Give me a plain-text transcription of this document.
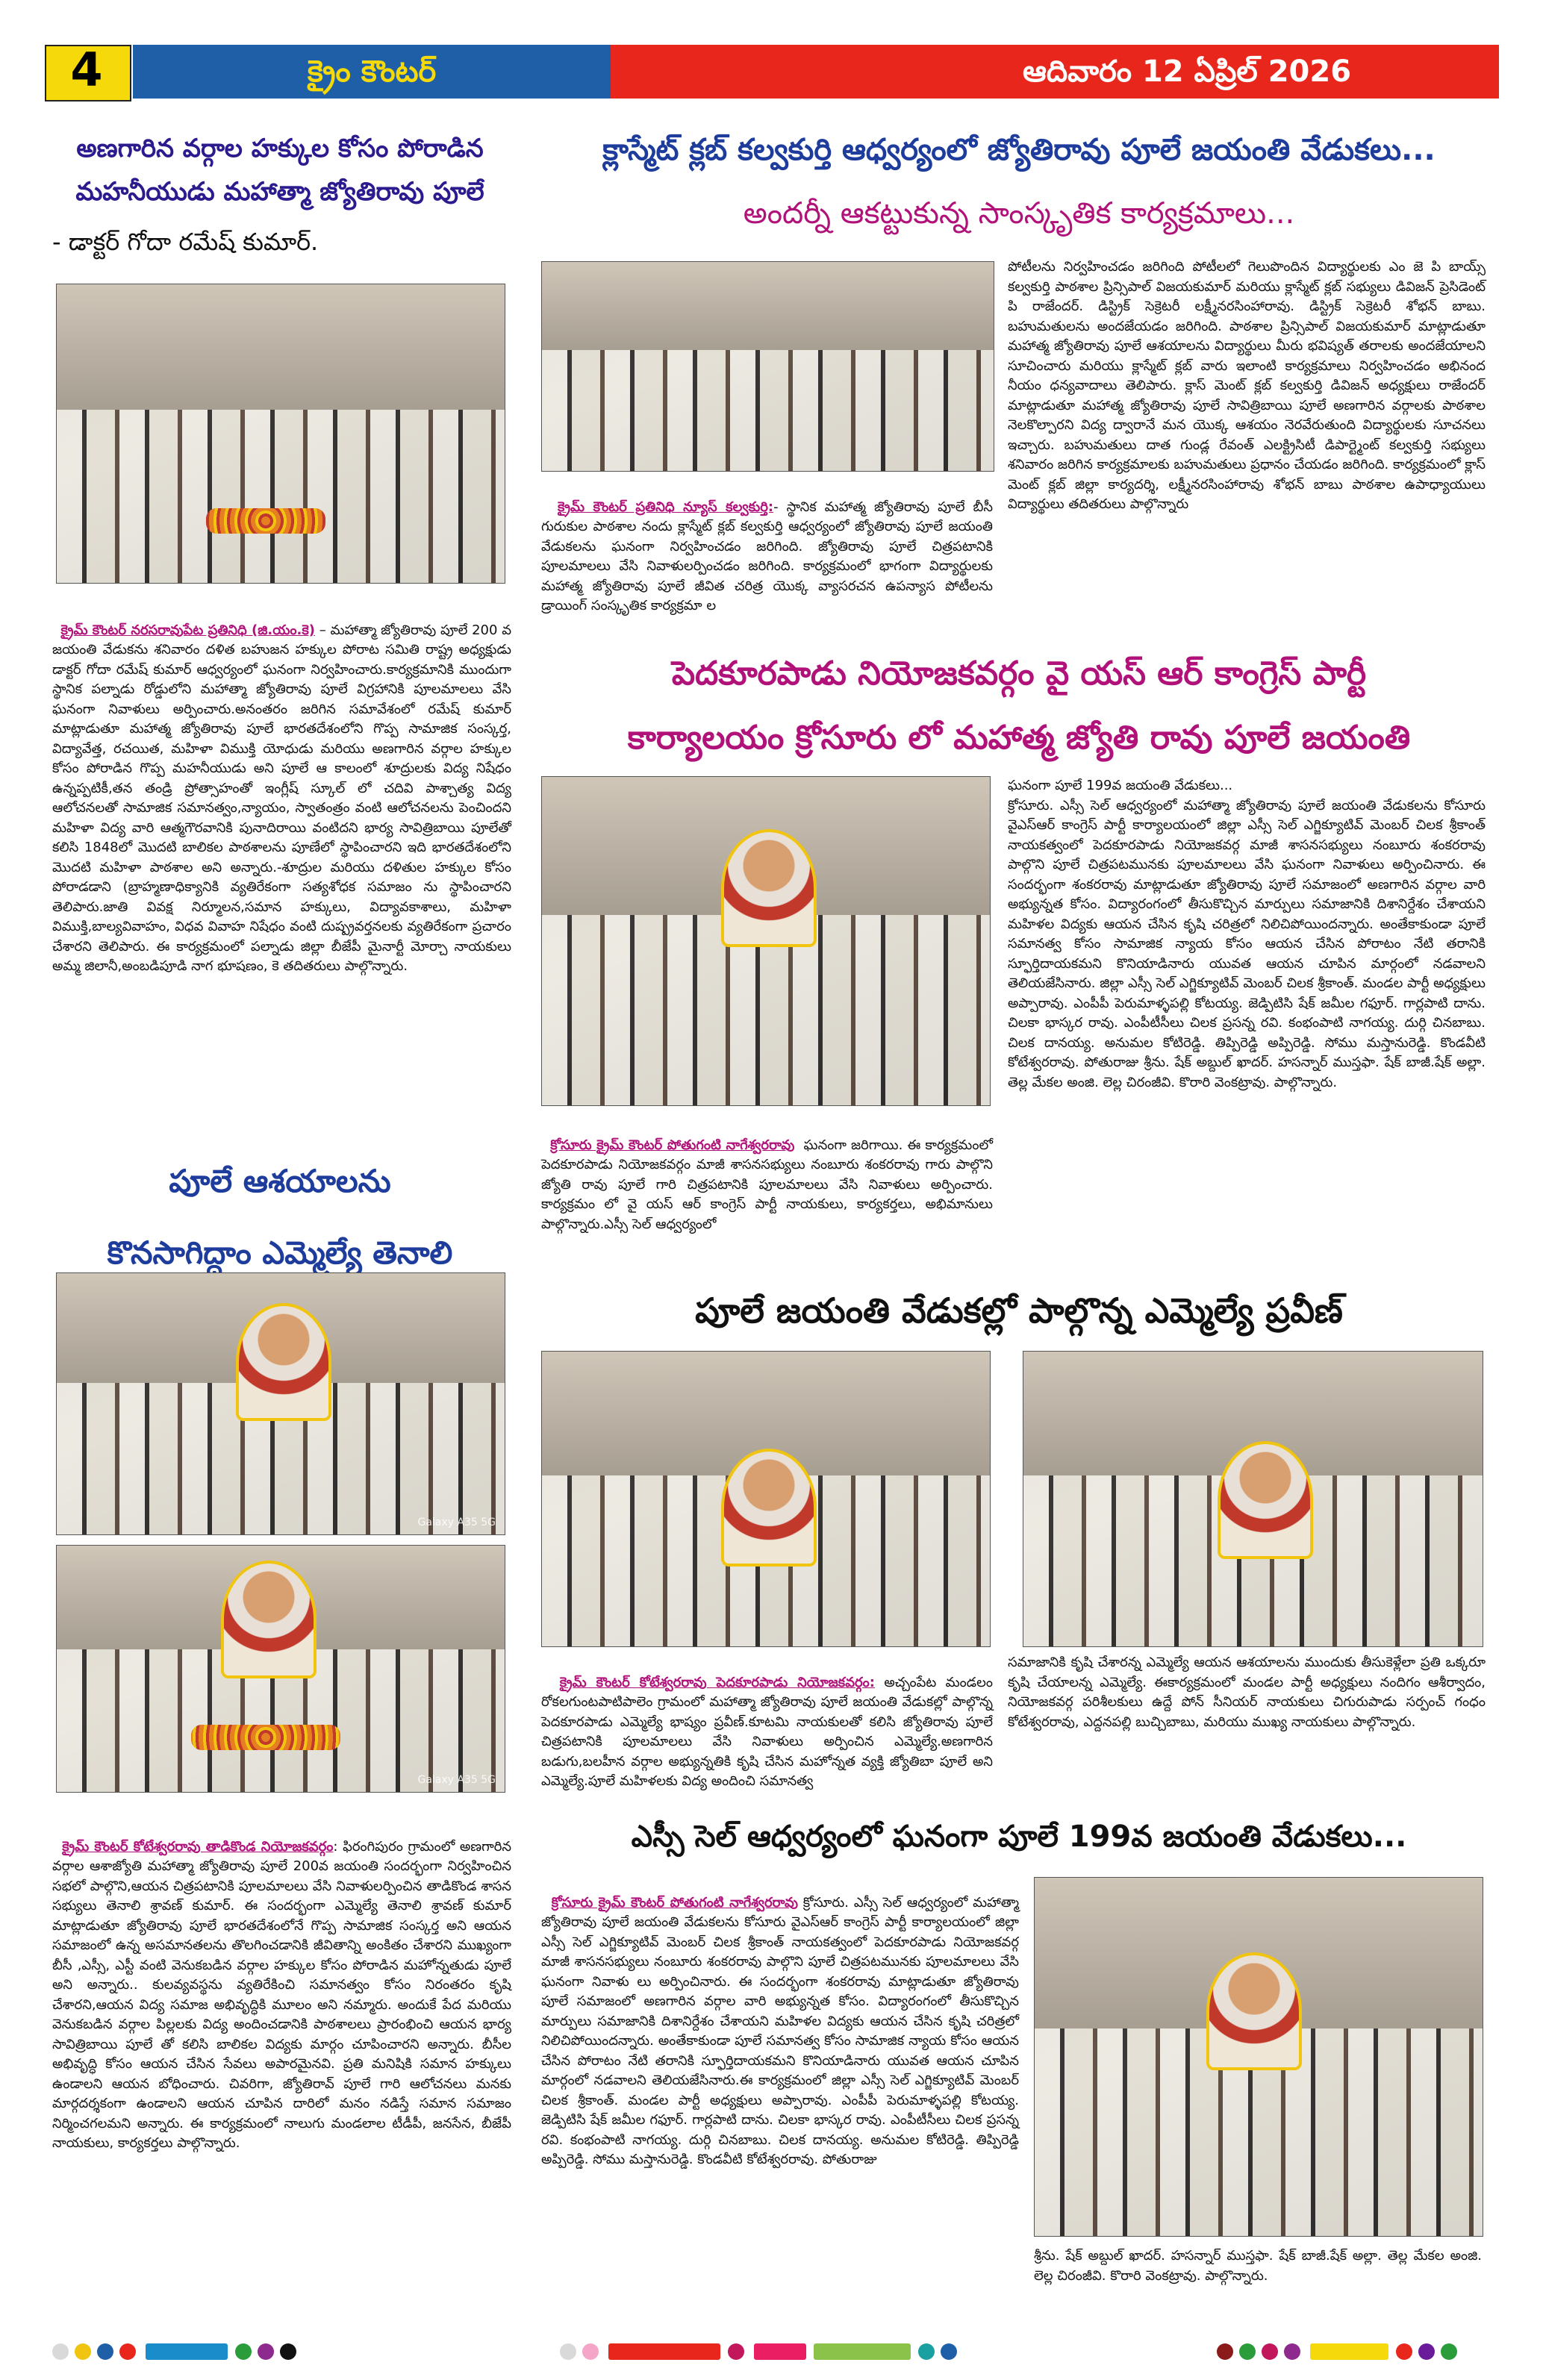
4	క్రైం కౌంటర్	ఆదివారం 12 ఏప్రిల్ 2026
అణగారిన వర్గాల హక్కుల కోసం పోరాడిన
మహనీయుడు మహాత్మా జ్యోతిరావు పూలే
- డాక్టర్ గోదా రమేష్ కుమార్.

క్రైమ్ కౌంటర్ నరసరావుపేట ప్రతినిధి (జి.యం.కె) – మహాత్మా జ్యోతిరావు పూలే 200 వ జయంతి వేడుకను శనివారం దళిత బహుజన హక్కుల పోరాట సమితి రాష్ట్ర అధ్యక్షుడు డాక్టర్ గోదా రమేష్ కుమార్ ఆధ్వర్యంలో ఘనంగా నిర్వహించారు.కార్యక్రమానికి ముందుగా స్థానిక పల్నాడు రోడ్డులోని మహాత్మా జ్యోతిరావు పూలే విగ్రహానికి పూలమాలలు వేసి ఘనంగా నివాళులు అర్పించారు.అనంతరం జరిగిన సమావేశంలో రమేష్ కుమార్ మాట్లాడుతూ మహాత్మ జ్యోతిరావు పూలే భారతదేశంలోని గొప్ప సామాజిక సంస్కర్త, విద్యావేత్త, రచయిత, మహిళా విముక్తి యోధుడు మరియు అణగారిన వర్గాల హక్కుల కోసం పోరాడిన గొప్ప మహనీయుడు అని పూలే ఆ కాలంలో శూద్రులకు విద్య నిషేధం ఉన్నప్పటికీ,తన తండ్రి ప్రోత్సాహంతో ఇంగ్లీష్ స్కూల్ లో చదివి పాశ్చాత్య విద్య ఆలోచనలతో సామాజిక సమానత్వం,న్యాయం, స్వాతంత్రం వంటి ఆలోచనలను పెంచిందని మహిళా విద్య వారి ఆత్మగౌరవానికి పునాదిరాయి వంటిదని భార్య సావిత్రిబాయి పూలేతో కలిసి 1848లో మొదటి బాలికల పాఠశాలను పూణేలో స్థాపించారని ఇది భారతదేశంలోని మొదటి మహిళా పాఠశాల అని అన్నారు.-శూద్రుల మరియు దళితుల హక్కుల కోసం పోరాడడాని (బ్రాహ్మణాధిక్యానికి వ్యతిరేకంగా సత్యశోధక సమాజం ను స్థాపించారని తెలిపారు.జాతి వివక్ష నిర్మూలన,సమాన హక్కులు, విద్యావకాశాలు, మహిళా విముక్తి,బాల్యవివాహం, విధవ వివాహ నిషేధం వంటి దుష్ప్రవర్తనలకు వ్యతిరేకంగా ప్రచారం చేశారని తెలిపారు. ఈ కార్యక్రమంలో పల్నాడు జిల్లా బీజేపీ మైనార్టీ మోర్చా నాయకులు అమ్మ జిలానీ,అంబడిపూడి నాగ భూషణం, కె తదితరులు పాల్గొన్నారు.

పూలే ఆశయాలను
కొనసాగిద్దాం ఎమ్మెల్యే తెనాలి
Galaxy A35 5G
Galaxy A35 5G

క్రైమ్ కౌంటర్ కోటేశ్వరరావు తాడికొండ నియోజకవర్గం: ఫిరంగిపురం గ్రామంలో అణగారిన వర్గాల ఆశాజ్యోతి మహాత్మా జ్యోతిరావు పూలే 200వ జయంతి సందర్భంగా నిర్వహించిన సభలో పాల్గొని,ఆయన చిత్రపటానికి పూలమాలలు వేసి నివాళులర్పించిన తాడికొండ శాసన సభ్యులు తెనాలి శ్రావణ్ కుమార్. ఈ సందర్భంగా ఎమ్మెల్యే తెనాలి శ్రావణ్ కుమార్ మాట్లాడుతూ జ్యోతిరావు పూలే భారతదేశంలోనే గొప్ప సామాజిక సంస్కర్త అని ఆయన సమాజంలో ఉన్న అసమానతలను తొలగించడానికి జీవితాన్ని అంకితం చేశారని ముఖ్యంగా బీసీ ,ఎస్సీ, ఎస్టీ వంటి వెనుకబడిన వర్గాల హక్కుల కోసం పోరాడిన మహోన్నతుడు పూలే అని అన్నారు.. కులవ్యవస్థను వ్యతిరేకించి సమానత్వం కోసం నిరంతరం కృషి చేశారని,ఆయన విద్య సమాజ అభివృద్ధికి మూలం అని నమ్మారు. అందుకే పేద మరియు వెనుకబడిన వర్గాల పిల్లలకు విద్య అందించడానికి పాఠశాలలు ప్రారంభించి ఆయన భార్య సావిత్రిబాయి పూలే తో కలిసి బాలికల విద్యకు మార్గం చూపించారని అన్నారు. బీసీల అభివృద్ధి కోసం ఆయన చేసిన సేవలు అపారమైనవి. ప్రతి మనిషికి సమాన హక్కులు ఉండాలని ఆయన బోధించారు. చివరిగా, జ్యోతిరావ్ పూలే గారి ఆలోచనలు మనకు మార్గదర్శకంగా ఉండాలని ఆయన చూపిన దారిలో మనం నడిస్తే సమాన సమాజం నిర్మించగలమని అన్నారు. ఈ కార్యక్రమంలో నాలుగు మండలాల టీడీపీ, జనసేన, బీజేపీ నాయకులు, కార్యకర్తలు పాల్గొన్నారు.

క్లాస్మేట్ క్లబ్ కల్వకుర్తి ఆధ్వర్యంలో జ్యోతిరావు పూలే జయంతి వేడుకలు...
అందర్నీ ఆకట్టుకున్న సాంస్కృతిక కార్యక్రమాలు...

క్రైమ్ కౌంటర్ ప్రతినిధి న్యూస్ కల్వకుర్తి:- స్థానిక మహాత్మ జ్యోతిరావు పూలే బీసీ గురుకుల పాఠశాల నందు క్లాస్మేట్ క్లబ్ కల్వకుర్తి ఆధ్వర్యంలో జ్యోతిరావు పూలే జయంతి వేడుకలను ఘనంగా నిర్వహించడం జరిగింది. జ్యోతిరావు పూలే చిత్రపటానికి పూలమాలలు వేసి నివాళులర్పించడం జరిగింది. కార్యక్రమంలో భాగంగా విద్యార్థులకు మహాత్మ జ్యోతిరావు పూలే జీవిత చరిత్ర యొక్క వ్యాసరచన ఉపన్యాస పోటీలను డ్రాయింగ్ సంస్కృతిక కార్యక్రమా ల

పోటీలను నిర్వహించడం జరిగింది పోటీలలో గెలుపొందిన విద్యార్థులకు ఎం జె పి బాయ్స్ కల్వకుర్తి పాఠశాల ప్రిన్సిపాల్ విజయకుమార్ మరియు క్లాస్మేట్ క్లబ్ సభ్యులు డివిజన్ ప్రెసిడెంట్ పి రాజేందర్. డిస్ట్రిక్ సెక్రెటరీ లక్ష్మీనరసింహారావు. డిస్ట్రిక్ సెక్రెటరీ శోభన్ బాబు. బహుమతులను అందజేయడం జరిగింది. పాఠశాల ప్రిన్సిపాల్ విజయకుమార్ మాట్లాడుతూ మహాత్మ జ్యోతిరావు పూలే ఆశయాలను విద్యార్థులు మీరు భవిష్యత్ తరాలకు అందజేయాలని సూచించారు మరియు క్లాస్మేట్ క్లబ్ వారు ఇలాంటి కార్యక్రమాలు నిర్వహించడం అభినంద నీయం ధన్యవాదాలు తెలిపారు. క్లాస్ మెంట్ క్లబ్ కల్వకుర్తి డివిజన్ అధ్యక్షులు రాజేందర్ మాట్లాడుతూ మహాత్మ జ్యోతిరావు పూలే సావిత్రిబాయి పూలే అణగారిన వర్గాలకు పాఠశాల నెలకొల్పారని విద్య ద్వారానే మన యొక్క ఆశయం నెరవేరుతుంది విద్యార్థులకు సూచనలు ఇచ్చారు. బహుమతులు దాత గుండ్ల రేవంత్ ఎలక్ట్రిసిటీ డిపార్ట్మెంట్ కల్వకుర్తి సభ్యులు శనివారం జరిగిన కార్యక్రమాలకు బహుమతులు ప్రధానం చేయడం జరిగింది. కార్యక్రమంలో క్లాస్ మెంట్ క్లబ్ జిల్లా కార్యదర్శి, లక్ష్మీనరసింహారావు శోభన్ బాబు పాఠశాల ఉపాధ్యాయులు విద్యార్థులు తదితరులు పాల్గొన్నారు
పెదకూరపాడు నియోజకవర్గం వై యస్ ఆర్ కాంగ్రెస్ పార్టీ
కార్యాలయం క్రోసూరు లో మహాత్మ జ్యోతి రావు పూలే జయంతి

క్రోసూరు క్రైమ్ కౌంటర్ పోతుగంటి నాగేశ్వరరావు  ఘనంగా జరిగాయి. ఈ కార్యక్రమంలో పెదకూరపాడు నియోజకవర్గం మాజీ శాసనసభ్యులు నంబూరు శంకరరావు గారు పాల్గొని జ్యోతి రావు పూలే గారి చిత్రపటానికి పూలమాలలు వేసి నివాళులు అర్పించారు. కార్యక్రమం లో వై యస్ ఆర్ కాంగ్రెస్ పార్టీ నాయకులు, కార్యకర్తలు, అభిమానులు పాల్గొన్నారు.ఎస్సీ సెల్ ఆధ్వర్యంలో

ఘనంగా పూలే 199వ జయంతి వేడుకలు...
క్రోసూరు. ఎస్సీ సెల్ ఆధ్వర్యంలో మహాత్మా జ్యోతిరావు పూలే జయంతి వేడుకలను కోసూరు వైఎస్ఆర్ కాంగ్రెస్ పార్టీ కార్యాలయంలో జిల్లా ఎస్సీ సెల్ ఎగ్జిక్యూటివ్ మెంబర్ చిలక శ్రీకాంత్ నాయకత్వంలో పెదకూరపాడు నియోజకవర్గ మాజీ శాసనసభ్యులు నంబూరు శంకరరావు పాల్గొని పూలే చిత్రపటమునకు పూలమాలలు వేసి ఘనంగా నివాళులు అర్పించినారు. ఈ సందర్భంగా శంకరరావు మాట్లాడుతూ జ్యోతిరావు పూలే సమాజంలో అణగారిన వర్గాల వారి అభ్యున్నత కోసం. విద్యారంగంలో తీసుకొచ్చిన మార్పులు సమాజానికి దిశానిర్దేశం చేశాయని మహిళల విద్యకు ఆయన చేసిన కృషి చరిత్రలో నిలిచిపోయిందన్నారు. అంతేకాకుండా పూలే సమానత్వ కోసం సామాజిక న్యాయ కోసం ఆయన చేసిన పోరాటం నేటి తరానికి స్ఫూర్తిదాయకమని కొనియాడినారు యువత ఆయన చూపిన మార్గంలో నడవాలని తెలియజేసినారు. జిల్లా ఎస్సీ సెల్ ఎగ్జిక్యూటివ్ మెంబర్ చిలక శ్రీకాంత్. మండల పార్టీ అధ్యక్షులు అప్పారావు. ఎంపీపీ పెరుమాళ్ళపల్లి కోటయ్య. జెడ్పిటిసి షేక్ జమీల గఫూర్. గార్లపాటి దాను. చిలకా భాస్కర రావు. ఎంపీటీసీలు చిలక ప్రసన్న రవి. కంభంపాటి నాగయ్య. దుర్గి చినబాబు. చిలక దానయ్య. అనుమల కోటిరెడ్డి. తిప్పిరెడ్డి అప్పిరెడ్డి. సోము మస్తానురెడ్డి. కొండవీటి కోటేశ్వరరావు. పోతురాజు శ్రీను. షేక్ అబ్దుల్ ఖాదర్. హసన్నార్ ముస్తఫా. షేక్ బాజీ.షేక్ అల్లా. తెల్ల మేకల అంజి. లెల్ల చిరంజీవి. కొరారి వెంకట్రావు. పాల్గొన్నారు.
పూలే జయంతి వేడుకల్లో పాల్గొన్న ఎమ్మెల్యే ప్రవీణ్

క్రైమ్ కౌంటర్ కోటేశ్వరరావు పెదకూరపాడు నియోజకవర్గం: అచ్చంపేట మండలం రోకలగుంటపాటిపాలెం గ్రామంలో మహాత్మా జ్యోతిరావు పూలే జయంతి వేడుకల్లో పాల్గొన్న పెదకూరపాడు ఎమ్మెల్యే భాష్యం ప్రవీణ్.కూటమి నాయకులతో కలిసి జ్యోతిరావు పూలే చిత్రపటానికి పూలమాలలు వేసి నివాళులు అర్పించిన ఎమ్మెల్యే.అణగారిన బడుగు,బలహీన వర్గాల అభ్యున్నతికి కృషి చేసిన మహోన్నత వ్యక్తి జ్యోతిబా పూలే అని ఎమ్మెల్యే.పూలే మహిళలకు విద్య అందించి సమానత్వ

సమాజానికి కృషి చేశారన్న ఎమ్మెల్యే ఆయన ఆశయాలను ముందుకు తీసుకెళ్లేలా ప్రతి ఒక్కరూ కృషి చేయాలన్న ఎమ్మెల్యే. ఈకార్యక్రమంలో మండల పార్టీ అధ్యక్షులు నందిగం ఆశీర్వాదం, నియోజకవర్గ పరిశీలకులు ఉద్దే పోన్ సీనియర్ నాయకులు చిగురుపాడు సర్పంచ్ గంధం కోటేశ్వరరావు, ఎద్దనపల్లి బుచ్చిబాబు, మరియు ముఖ్య నాయకులు పాల్గొన్నారు.
ఎస్సీ సెల్ ఆధ్వర్యంలో ఘనంగా పూలే 199వ జయంతి వేడుకలు...

క్రోసూరు క్రైమ్ కౌంటర్ పోతుగంటి నాగేశ్వరరావు క్రోసూరు. ఎస్సీ సెల్ ఆధ్వర్యంలో మహాత్మా జ్యోతిరావు పూలే జయంతి వేడుకలను కోసూరు వైఎస్ఆర్ కాంగ్రెస్ పార్టీ కార్యాలయంలో జిల్లా ఎస్సీ సెల్ ఎగ్జిక్యూటివ్ మెంబర్ చిలక శ్రీకాంత్ నాయకత్వంలో పెదకూరపాడు నియోజకవర్గ మాజీ శాసనసభ్యులు నంబూరు శంకరరావు పాల్గొని పూలే చిత్రపటమునకు పూలమాలలు వేసి ఘనంగా నివాళు లు అర్పించినారు. ఈ సందర్భంగా శంకరరావు మాట్లాడుతూ జ్యోతిరావు పూలే సమాజంలో అణగారిన వర్గాల వారి అభ్యున్నత కోసం. విద్యారంగంలో తీసుకొచ్చిన మార్పులు సమాజానికి దిశానిర్దేశం చేశాయని మహిళల విద్యకు ఆయన చేసిన కృషి చరిత్రలో నిలిచిపోయిందన్నారు. అంతేకాకుండా పూలే సమానత్వ కోసం సామాజిక న్యాయ కోసం ఆయన చేసిన పోరాటం నేటి తరానికి స్ఫూర్తిదాయకమని కొనియాడినారు యువత ఆయన చూపిన మార్గంలో నడవాలని తెలియజేసినారు.ఈ కార్యక్రమంలో జిల్లా ఎస్సీ సెల్ ఎగ్జిక్యూటివ్ మెంబర్ చిలక శ్రీకాంత్. మండల పార్టీ అధ్యక్షులు అప్పారావు. ఎంపీపీ పెరుమాళ్ళపల్లి కోటయ్య. జెడ్పిటిసి షేక్ జమీల గఫూర్. గార్లపాటి దాను. చిలకా భాస్కర రావు. ఎంపీటీసీలు చిలక ప్రసన్న రవి. కంభంపాటి నాగయ్య. దుర్గి చినబాబు. చిలక దానయ్య. అనుమల కోటిరెడ్డి. తిప్పిరెడ్డి అప్పిరెడ్డి. సోము మస్తానురెడ్డి. కొండవీటి కోటేశ్వరరావు. పోతురాజు

శ్రీను. షేక్ అబ్దుల్ ఖాదర్. హసన్నార్ ముస్తఫా. షేక్ బాజీ.షేక్ అల్లా. తెల్ల మేకల అంజి. లెల్ల చిరంజీవి. కొరారి వెంకట్రావు. పాల్గొన్నారు.
